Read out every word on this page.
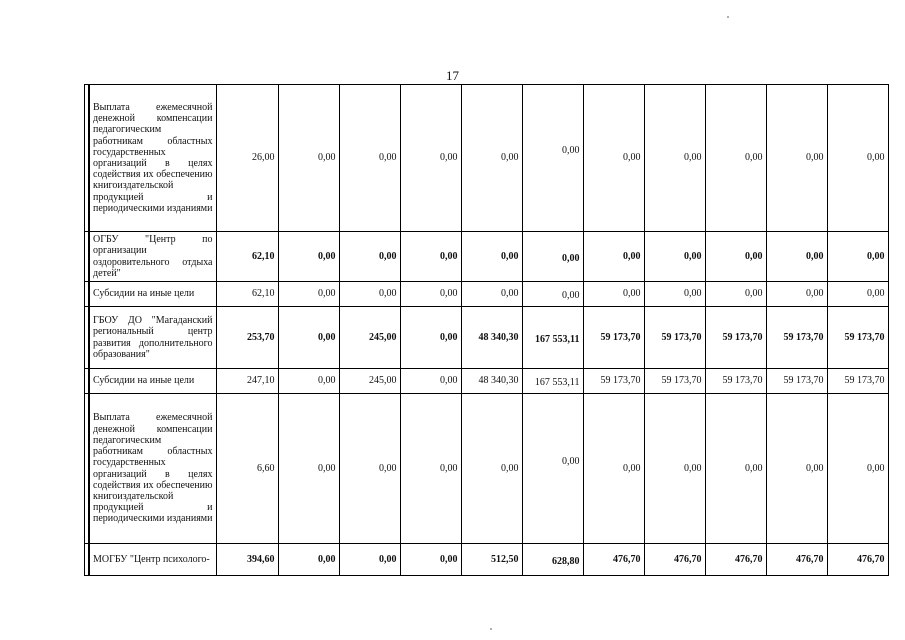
17
	Выплата ежемесячной денежной компенсации педагогическим работникам областных государственных организаций в целях содействия их обеспечению книгоиздательской продукцией и периодическими изданиями	26,00	0,00	0,00	0,00	0,00	0,00	0,00	0,00	0,00	0,00	0,00
	ОГБУ "Центр по организации оздоровительного отдыха детей"	62,10	0,00	0,00	0,00	0,00	0,00	0,00	0,00	0,00	0,00	0,00
	Субсидии на иные цели	62,10	0,00	0,00	0,00	0,00	0,00	0,00	0,00	0,00	0,00	0,00
	ГБОУ ДО "Магаданский региональный центр развития дополнительного образования"	253,70	0,00	245,00	0,00	48 340,30	167 553,11	59 173,70	59 173,70	59 173,70	59 173,70	59 173,70
	Субсидии на иные цели	247,10	0,00	245,00	0,00	48 340,30	167 553,11	59 173,70	59 173,70	59 173,70	59 173,70	59 173,70
	Выплата ежемесячной денежной компенсации педагогическим работникам областных государственных организаций в целях содействия их обеспечению книгоиздательской продукцией и периодическими изданиями	6,60	0,00	0,00	0,00	0,00	0,00	0,00	0,00	0,00	0,00	0,00
	МОГБУ "Центр психолого-	394,60	0,00	0,00	0,00	512,50	628,80	476,70	476,70	476,70	476,70	476,70
